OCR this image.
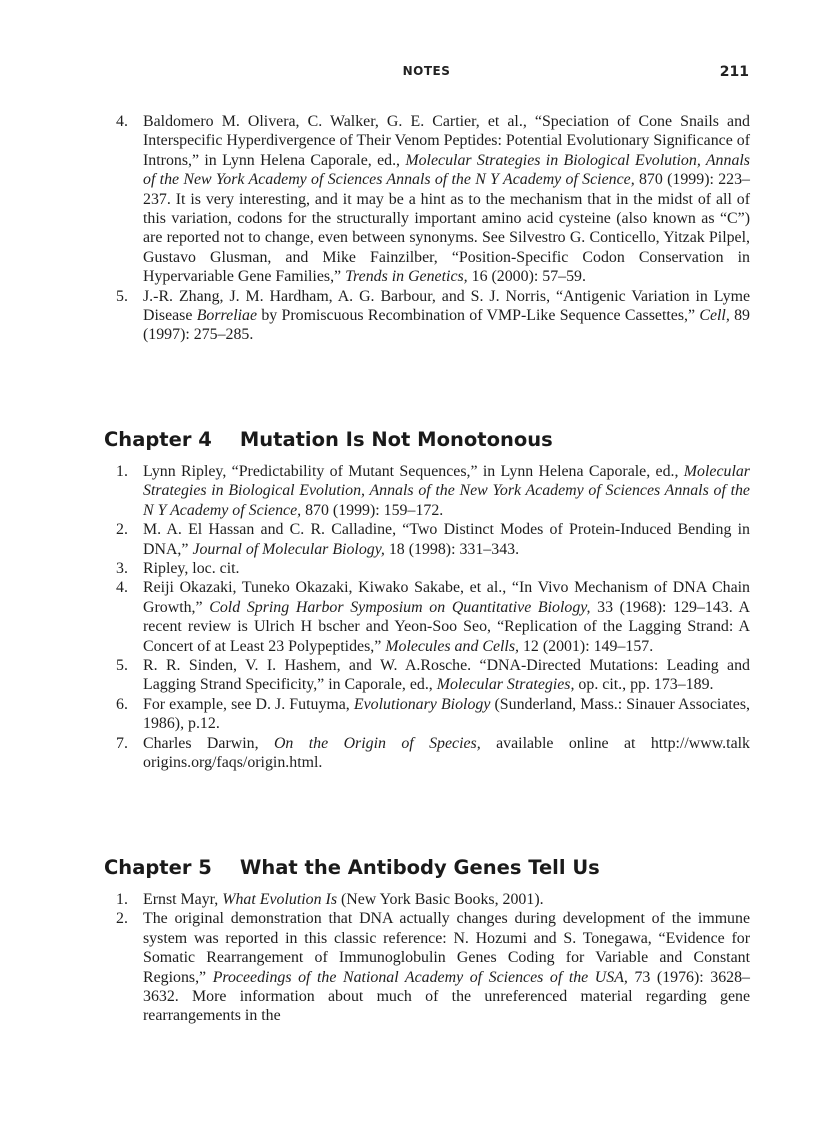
NOTES	211
4. Baldomero M. Olivera, C. Walker, G. E. Cartier, et al., “Speciation of Cone Snails and Interspecific Hyperdivergence of Their Venom Peptides: Potential Evolutionary Significance of Introns,” in Lynn Helena Caporale, ed., Molecular Strategies in Biological Evolution, Annals of the New York Academy of Sciences Annals of the N Y Academy of Science, 870 (1999): 223–237. It is very interesting, and it may be a hint as to the mechanism that in the midst of all of this variation, codons for the structurally important amino acid cysteine (also known as “C”) are reported not to change, even between synonyms. See Silvestro G. Conticello, Yitzak Pilpel, Gustavo Glusman, and Mike Fainzilber, “Position-Specific Codon Conservation in Hypervariable Gene Families,” Trends in Genetics, 16 (2000): 57–59.
5. J.-R. Zhang, J. M. Hardham, A. G. Barbour, and S. J. Norris, “Antigenic Variation in Lyme Disease Borreliae by Promiscuous Recombination of VMP-Like Sequence Cassettes,” Cell, 89 (1997): 275–285.
Chapter 4 Mutation Is Not Monotonous
1. Lynn Ripley, “Predictability of Mutant Sequences,” in Lynn Helena Caporale, ed., Molecular Strategies in Biological Evolution, Annals of the New York Academy of Sciences Annals of the N Y Academy of Science, 870 (1999): 159–172.
2. M. A. El Hassan and C. R. Calladine, “Two Distinct Modes of Protein-Induced Bending in DNA,” Journal of Molecular Biology, 18 (1998): 331–343.
3. Ripley, loc. cit.
4. Reiji Okazaki, Tuneko Okazaki, Kiwako Sakabe, et al., “In Vivo Mechanism of DNA Chain Growth,” Cold Spring Harbor Symposium on Quantitative Biology, 33 (1968): 129–143. A recent review is Ulrich H bscher and Yeon-Soo Seo, “Replication of the Lagging Strand: A Concert of at Least 23 Polypeptides,” Molecules and Cells, 12 (2001): 149–157.
5. R. R. Sinden, V. I. Hashem, and W. A.Rosche. “DNA-Directed Mutations: Leading and Lagging Strand Specificity,” in Caporale, ed., Molecular Strategies, op. cit., pp. 173–189.
6. For example, see D. J. Futuyma, Evolutionary Biology (Sunderland, Mass.: Sinauer Associates, 1986), p.12.
7. Charles Darwin, On the Origin of Species, available online at http://www.talk origins.org/faqs/origin.html.
Chapter 5 What the Antibody Genes Tell Us
1. Ernst Mayr, What Evolution Is (New York Basic Books, 2001).
2. The original demonstration that DNA actually changes during development of the immune system was reported in this classic reference: N. Hozumi and S. Tonegawa, “Evidence for Somatic Rearrangement of Immunoglobulin Genes Coding for Variable and Constant Regions,” Proceedings of the National Academy of Sciences of the USA, 73 (1976): 3628–3632. More information about much of the unreferenced material regarding gene rearrangements in the
